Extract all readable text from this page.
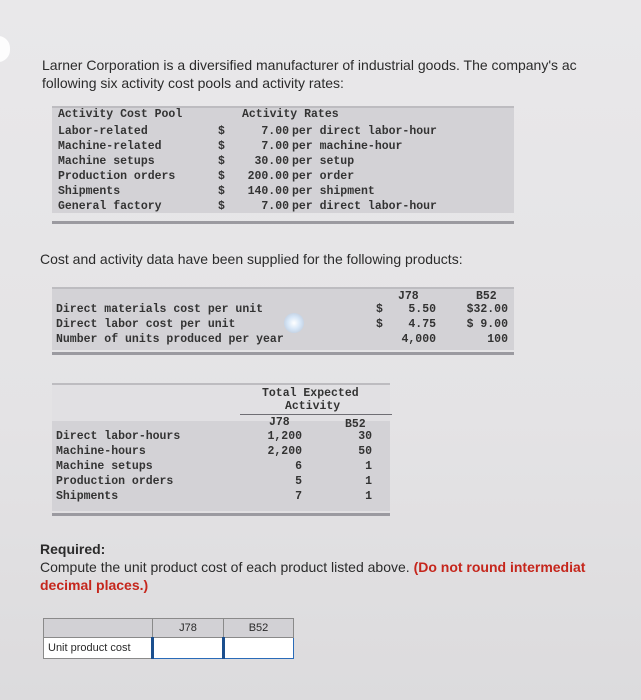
Larner Corporation is a diversified manufacturer of industrial goods. The company's ac
following six activity cost pools and activity rates:
Activity Cost Pool	Activity Rates
Labor-related	$	7.00 per direct labor-hour
Machine-related	$	7.00 per machine-hour
Machine setups	$	30.00 per setup
Production orders	$	200.00 per order
Shipments	$	140.00 per shipment
General factory	$	7.00 per direct labor-hour
Cost and activity data have been supplied for the following products:
J78	B52
Direct materials cost per unit	$	5.50	$32.00
Direct labor cost per unit	$	4.75	$ 9.00
Number of units produced per year	4,000	100
Total Expected
Activity
J78	B52
Direct labor-hours	1,200	30
Machine-hours	2,200	50
Machine setups	6	1
Production orders	5	1
Shipments	7	1
Required:
Compute the unit product cost of each product listed above. (Do not round intermediat
decimal places.)
	J78	B52
Unit product cost		
